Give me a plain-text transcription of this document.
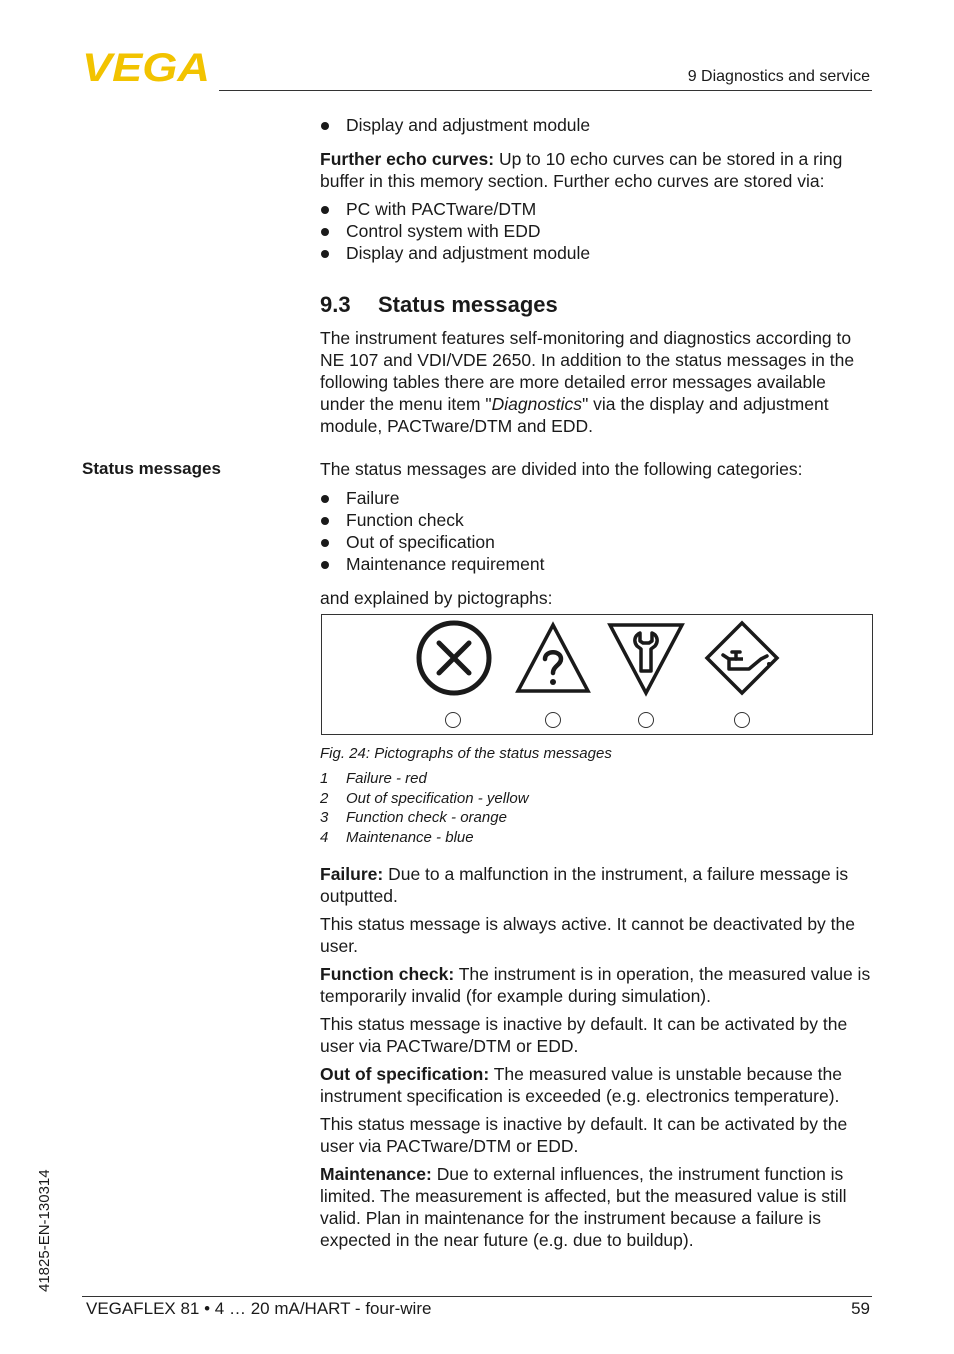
VEGA	9 Diagnostics and service
Display and adjustment module

Further echo curves: Up to 10 echo curves can be stored in a ring buffer in this memory section. Further echo curves are stored via:

PC with PACTware/DTM
Control system with EDD
Display and adjustment module
9.3 Status messages

The instrument features self-monitoring and diagnostics according to NE 107 and VDI/VDE 2650. In addition to the status messages in the following tables there are more detailed error messages available under the menu item "Diagnostics" via the display and adjustment module, PACTware/DTM and EDD.

Status messages	The status messages are divided into the following categories:
Failure
Function check
Out of specification
Maintenance requirement
and explained by pictographs:
Fig. 24: Pictographs of the status messages
1	Failure - red
2	Out of specification - yellow
3	Function check - orange
4	Maintenance - blue

Failure: Due to a malfunction in the instrument, a failure message is outputted.

This status message is always active. It cannot be deactivated by the user.

Function check: The instrument is in operation, the measured value is temporarily invalid (for example during simulation).

This status message is inactive by default. It can be activated by the user via PACTware/DTM or EDD.

Out of specification: The measured value is unstable because the instrument specification is exceeded (e.g. electronics temperature).

This status message is inactive by default. It can be activated by the user via PACTware/DTM or EDD.

Maintenance: Due to external influences, the instrument function is limited. The measurement is affected, but the measured value is still valid. Plan in maintenance for the instrument because a failure is expected in the near future (e.g. due to buildup).

41825-EN-130314
VEGAFLEX 81 • 4 … 20 mA/HART - four-wire	59
